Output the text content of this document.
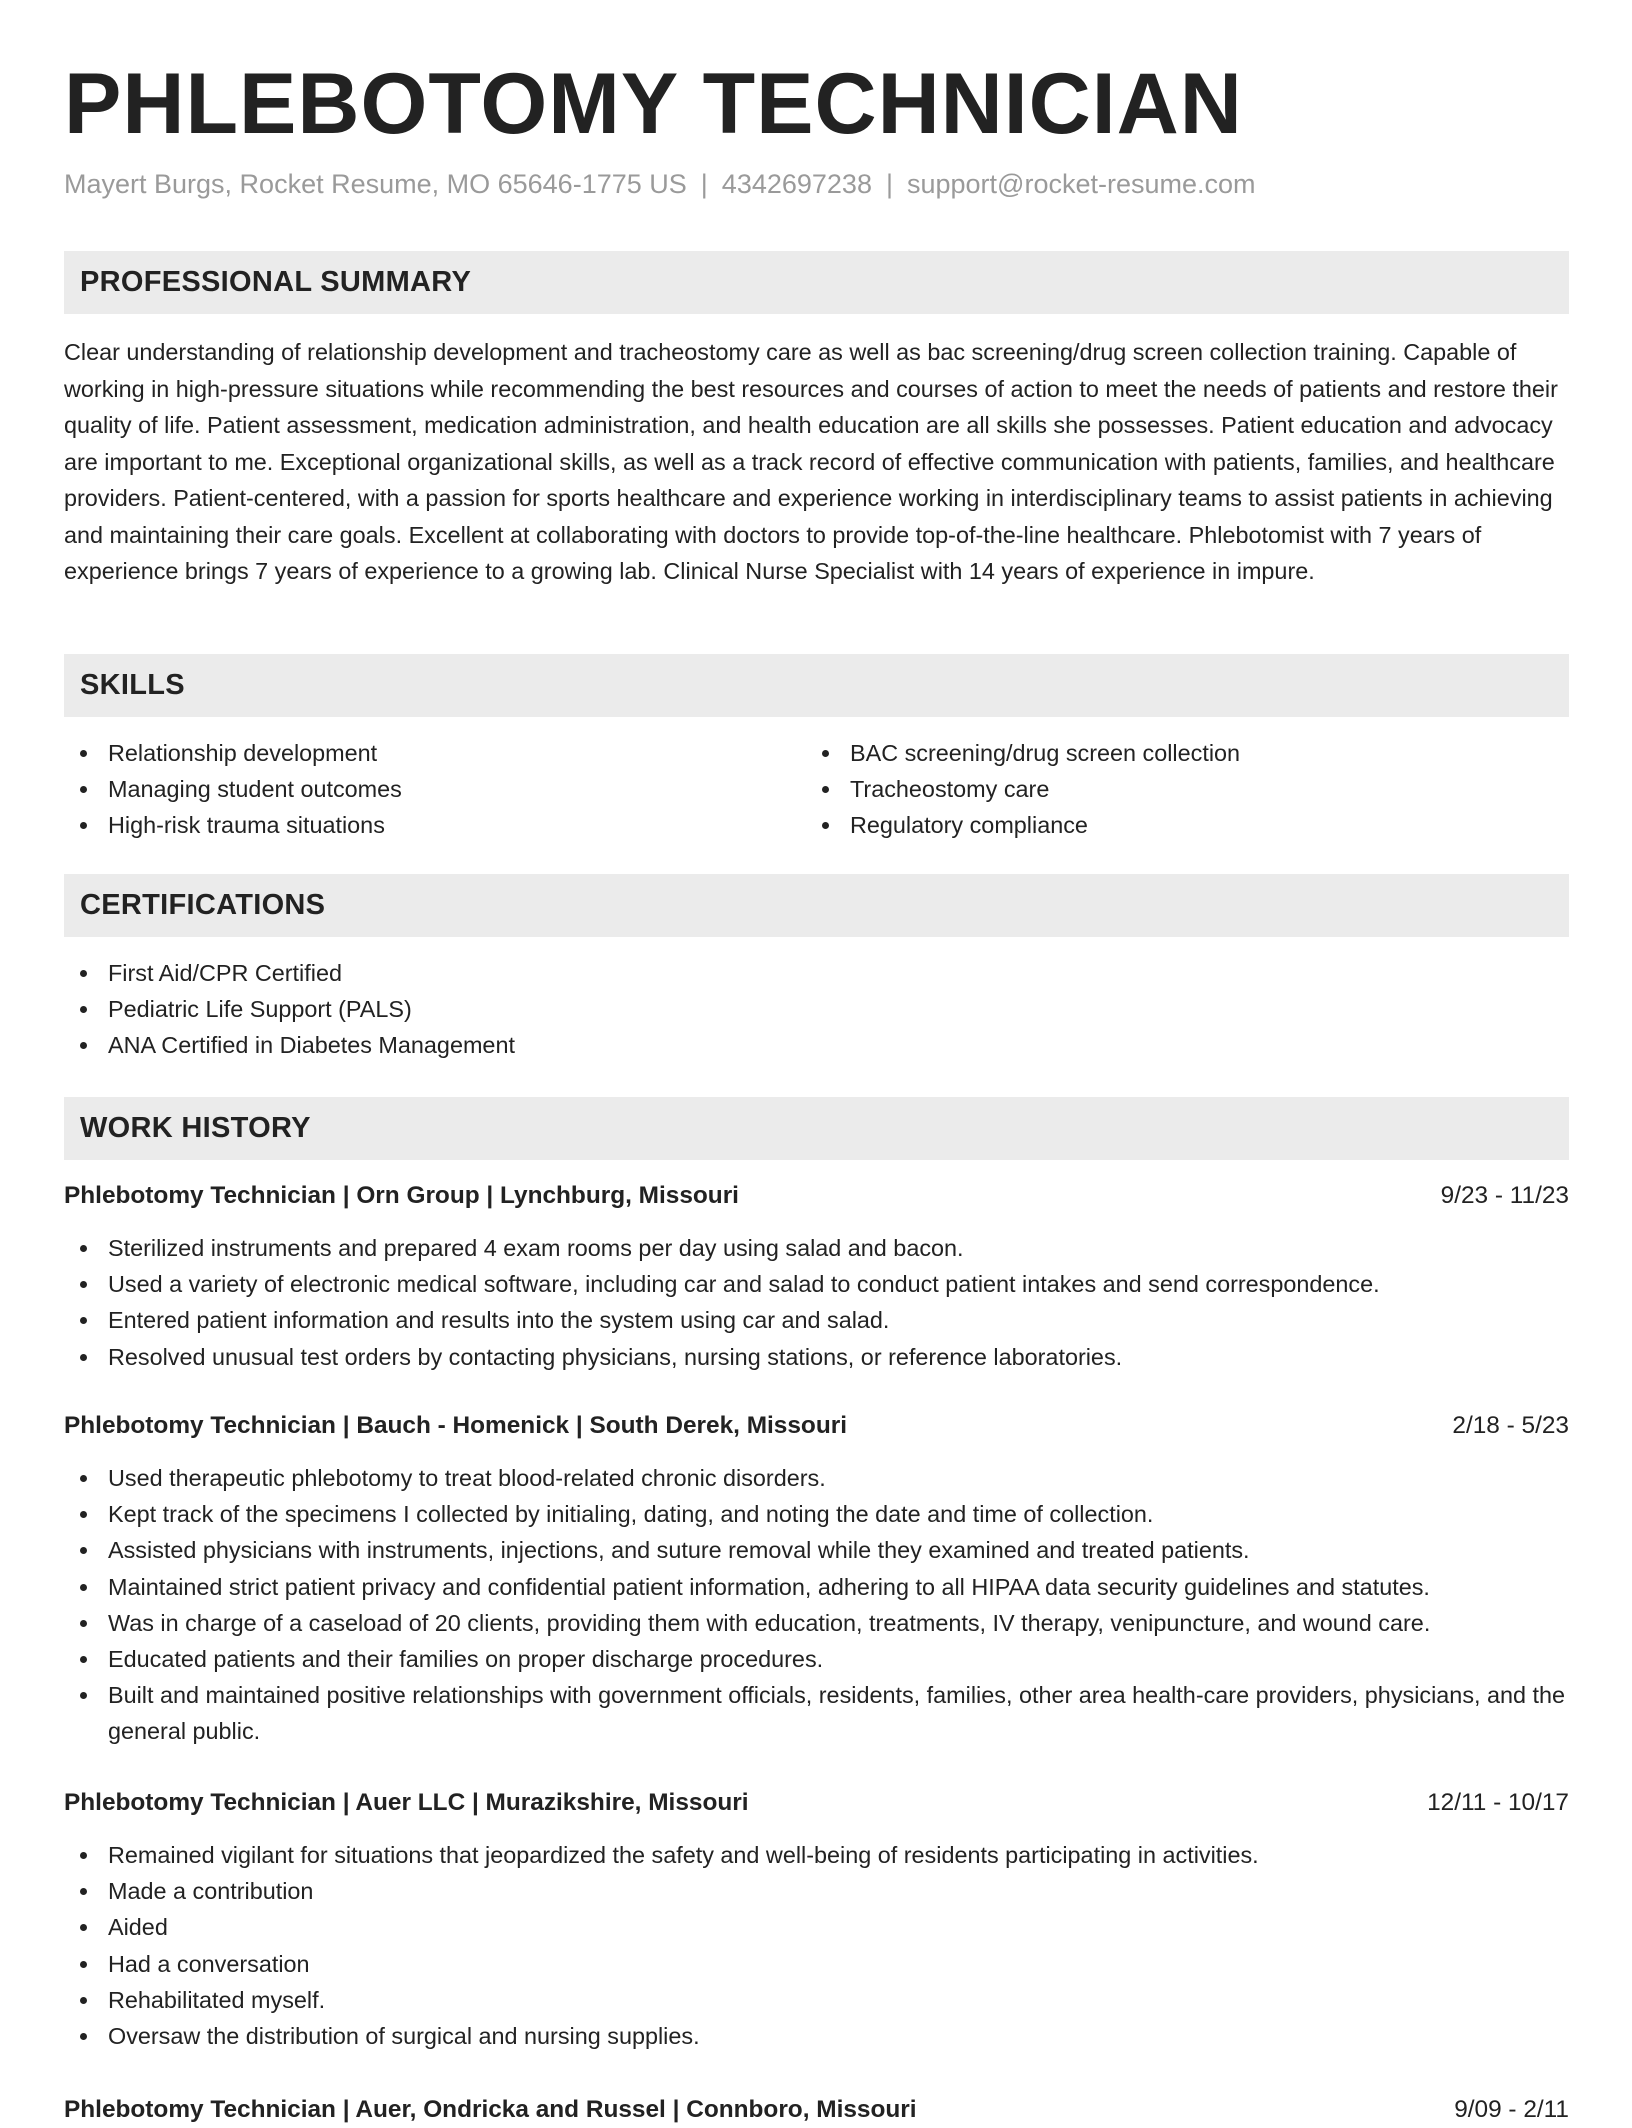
PHLEBOTOMY TECHNICIAN
Mayert Burgs, Rocket Resume, MO 65646-1775 US | 4342697238 | support@rocket-resume.com
PROFESSIONAL SUMMARY

Clear understanding of relationship development and tracheostomy care as well as bac screening/drug screen collection training. Capable of working in high-pressure situations while recommending the best resources and courses of action to meet the needs of patients and restore their quality of life. Patient assessment, medication administration, and health education are all skills she possesses. Patient education and advocacy are important to me. Exceptional organizational skills, as well as a track record of effective communication with patients, families, and healthcare providers. Patient-centered, with a passion for sports healthcare and experience working in interdisciplinary teams to assist patients in achieving and maintaining their care goals. Excellent at collaborating with doctors to provide top-of-the-line healthcare. Phlebotomist with 7 years of experience brings 7 years of experience to a growing lab. Clinical Nurse Specialist with 14 years of experience in impure.

SKILLS
Relationship development
Managing student outcomes
High-risk trauma situations
BAC screening/drug screen collection
Tracheostomy care
Regulatory compliance
CERTIFICATIONS
First Aid/CPR Certified
Pediatric Life Support (PALS)
ANA Certified in Diabetes Management
WORK HISTORY
Phlebotomy Technician | Orn Group | Lynchburg, Missouri	9/23 - 11/23
Sterilized instruments and prepared 4 exam rooms per day using salad and bacon.
Used a variety of electronic medical software, including car and salad to conduct patient intakes and send correspondence.
Entered patient information and results into the system using car and salad.
Resolved unusual test orders by contacting physicians, nursing stations, or reference laboratories.
Phlebotomy Technician | Bauch - Homenick | South Derek, Missouri	2/18 - 5/23
Used therapeutic phlebotomy to treat blood-related chronic disorders.
Kept track of the specimens I collected by initialing, dating, and noting the date and time of collection.
Assisted physicians with instruments, injections, and suture removal while they examined and treated patients.
Maintained strict patient privacy and confidential patient information, adhering to all HIPAA data security guidelines and statutes.
Was in charge of a caseload of 20 clients, providing them with education, treatments, IV therapy, venipuncture, and wound care.
Educated patients and their families on proper discharge procedures.
Built and maintained positive relationships with government officials, residents, families, other area health-care providers, physicians, and the general public.
Phlebotomy Technician | Auer LLC | Murazikshire, Missouri	12/11 - 10/17
Remained vigilant for situations that jeopardized the safety and well-being of residents participating in activities.
Made a contribution
Aided
Had a conversation
Rehabilitated myself.
Oversaw the distribution of surgical and nursing supplies.
Phlebotomy Technician | Auer, Ondricka and Russel | Connboro, Missouri	9/09 - 2/11
